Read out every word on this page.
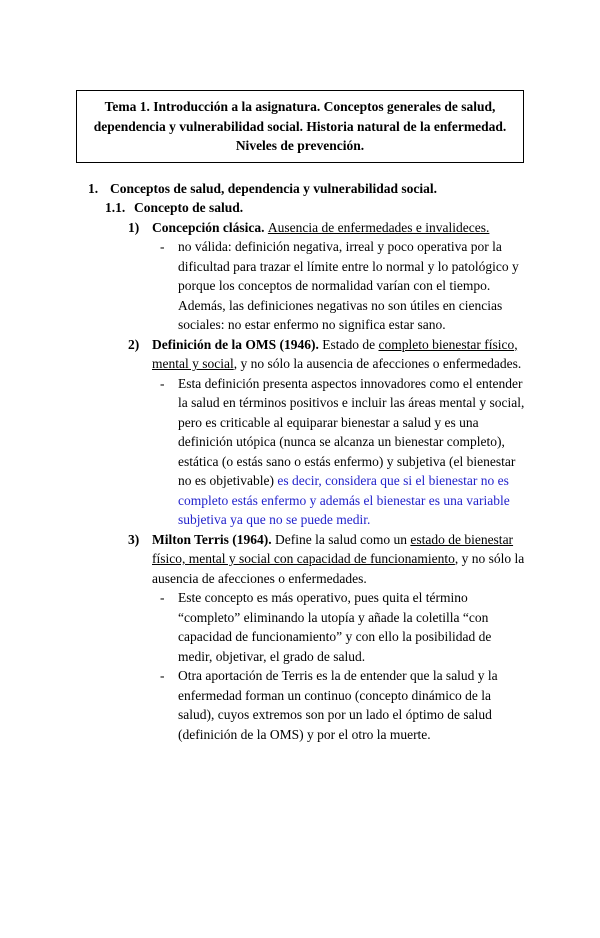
Tema 1. Introducción a la asignatura. Conceptos generales de salud, dependencia y vulnerabilidad social. Historia natural de la enfermedad. Niveles de prevención.
1. Conceptos de salud, dependencia y vulnerabilidad social.
1.1. Concepto de salud.
1) Concepción clásica. Ausencia de enfermedades e invalideces.
-	no válida: definición negativa, irreal y poco operativa por la dificultad para trazar el límite entre lo normal y lo patológico y porque los conceptos de normalidad varían con el tiempo. Además, las definiciones negativas no son útiles en ciencias sociales: no estar enfermo no significa estar sano.
2) Definición de la OMS (1946). Estado de completo bienestar físico, mental y social, y no sólo la ausencia de afecciones o enfermedades.
-	Esta definición presenta aspectos innovadores como el entender la salud en términos positivos e incluir las áreas mental y social, pero es criticable al equiparar bienestar a salud y es una definición utópica (nunca se alcanza un bienestar completo), estática (o estás sano o estás enfermo) y subjetiva (el bienestar no es objetivable) es decir, considera que si el bienestar no es completo estás enfermo y además el bienestar es una variable subjetiva ya que no se puede medir.
3) Milton Terris (1964). Define la salud como un estado de bienestar físico, mental y social con capacidad de funcionamiento, y no sólo la ausencia de afecciones o enfermedades.
-	Este concepto es más operativo, pues quita el término “completo” eliminando la utopía y añade la coletilla “con capacidad de funcionamiento” y con ello la posibilidad de medir, objetivar, el grado de salud.
-	Otra aportación de Terris es la de entender que la salud y la enfermedad forman un continuo (concepto dinámico de la salud), cuyos extremos son por un lado el óptimo de salud (definición de la OMS) y por el otro la muerte.
